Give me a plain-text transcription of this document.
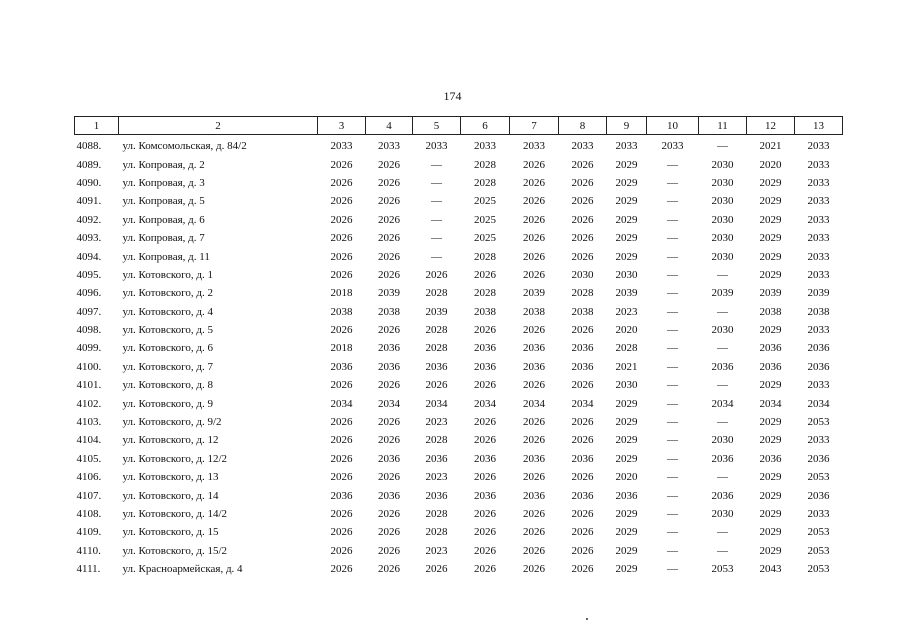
174
1	2	3	4	5	6	7	8	9	10	11	12	13
4088.	ул. Комсомольская, д. 84/2	2033	2033	2033	2033	2033	2033	2033	2033	—	2021	2033
4089.	ул. Копровая, д. 2	2026	2026	—	2028	2026	2026	2029	—	2030	2020	2033
4090.	ул. Копровая, д. 3	2026	2026	—	2028	2026	2026	2029	—	2030	2029	2033
4091.	ул. Копровая, д. 5	2026	2026	—	2025	2026	2026	2029	—	2030	2029	2033
4092.	ул. Копровая, д. 6	2026	2026	—	2025	2026	2026	2029	—	2030	2029	2033
4093.	ул. Копровая, д. 7	2026	2026	—	2025	2026	2026	2029	—	2030	2029	2033
4094.	ул. Копровая, д. 11	2026	2026	—	2028	2026	2026	2029	—	2030	2029	2033
4095.	ул. Котовского, д. 1	2026	2026	2026	2026	2026	2030	2030	—	—	2029	2033
4096.	ул. Котовского, д. 2	2018	2039	2028	2028	2039	2028	2039	—	2039	2039	2039
4097.	ул. Котовского, д. 4	2038	2038	2039	2038	2038	2038	2023	—	—	2038	2038
4098.	ул. Котовского, д. 5	2026	2026	2028	2026	2026	2026	2020	—	2030	2029	2033
4099.	ул. Котовского, д. 6	2018	2036	2028	2036	2036	2036	2028	—	—	2036	2036
4100.	ул. Котовского, д. 7	2036	2036	2036	2036	2036	2036	2021	—	2036	2036	2036
4101.	ул. Котовского, д. 8	2026	2026	2026	2026	2026	2026	2030	—	—	2029	2033
4102.	ул. Котовского, д. 9	2034	2034	2034	2034	2034	2034	2029	—	2034	2034	2034
4103.	ул. Котовского, д. 9/2	2026	2026	2023	2026	2026	2026	2029	—	—	2029	2053
4104.	ул. Котовского, д. 12	2026	2026	2028	2026	2026	2026	2029	—	2030	2029	2033
4105.	ул. Котовского, д. 12/2	2026	2036	2036	2036	2036	2036	2029	—	2036	2036	2036
4106.	ул. Котовского, д. 13	2026	2026	2023	2026	2026	2026	2020	—	—	2029	2053
4107.	ул. Котовского, д. 14	2036	2036	2036	2036	2036	2036	2036	—	2036	2029	2036
4108.	ул. Котовского, д. 14/2	2026	2026	2028	2026	2026	2026	2029	—	2030	2029	2033
4109.	ул. Котовского, д. 15	2026	2026	2028	2026	2026	2026	2029	—	—	2029	2053
4110.	ул. Котовского, д. 15/2	2026	2026	2023	2026	2026	2026	2029	—	—	2029	2053
4111.	ул. Красноармейская, д. 4	2026	2026	2026	2026	2026	2026	2029	—	2053	2043	2053
